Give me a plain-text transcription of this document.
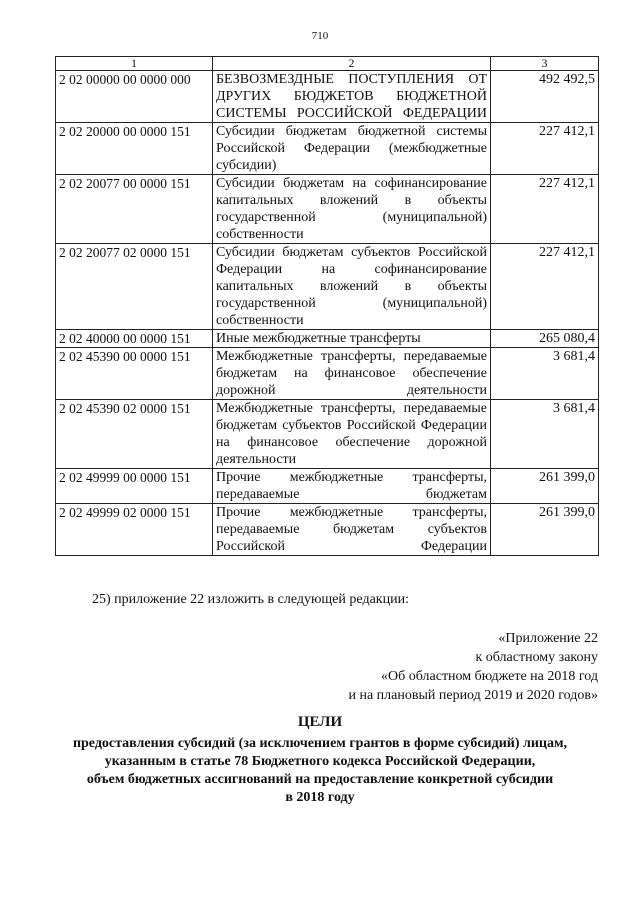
710
1	2	3
2 02 00000 00 0000 000	БЕЗВОЗМЕЗДНЫЕ ПОСТУПЛЕНИЯ ОТ ДРУГИХ БЮДЖЕТОВ БЮДЖЕТНОЙ СИСТЕМЫ РОССИЙСКОЙ ФЕДЕРАЦИИ	492 492,5
2 02 20000 00 0000 151	Субсидии бюджетам бюджетной системы Российской Федерации (межбюджетные субсидии)	227 412,1
2 02 20077 00 0000 151	Субсидии бюджетам на софинансирование капитальных вложений в объекты государственной (муниципальной) собственности	227 412,1
2 02 20077 02 0000 151	Субсидии бюджетам субъектов Российской Федерации на софинансирование капитальных вложений в объекты государственной (муниципальной) собственности	227 412,1
2 02 40000 00 0000 151	Иные межбюджетные трансферты	265 080,4
2 02 45390 00 0000 151	Межбюджетные трансферты, передаваемые бюджетам на финансовое обеспечение дорожной деятельности	3 681,4
2 02 45390 02 0000 151	Межбюджетные трансферты, передаваемые бюджетам субъектов Российской Федерации на финансовое обеспечение дорожной деятельности	3 681,4
2 02 49999 00 0000 151	Прочие межбюджетные трансферты, передаваемые бюджетам	261 399,0
2 02 49999 02 0000 151	Прочие межбюджетные трансферты, передаваемые бюджетам субъектов Российской Федерации	261 399,0
25) приложение 22 изложить в следующей редакции:
«Приложение 22
к областному закону
«Об областном бюджете на 2018 год
и на плановый период 2019 и 2020 годов»
ЦЕЛИ
предоставления субсидий (за исключением грантов в форме субсидий) лицам,
указанным в статье 78 Бюджетного кодекса Российской Федерации,
объем бюджетных ассигнований на предоставление конкретной субсидии
в 2018 году
